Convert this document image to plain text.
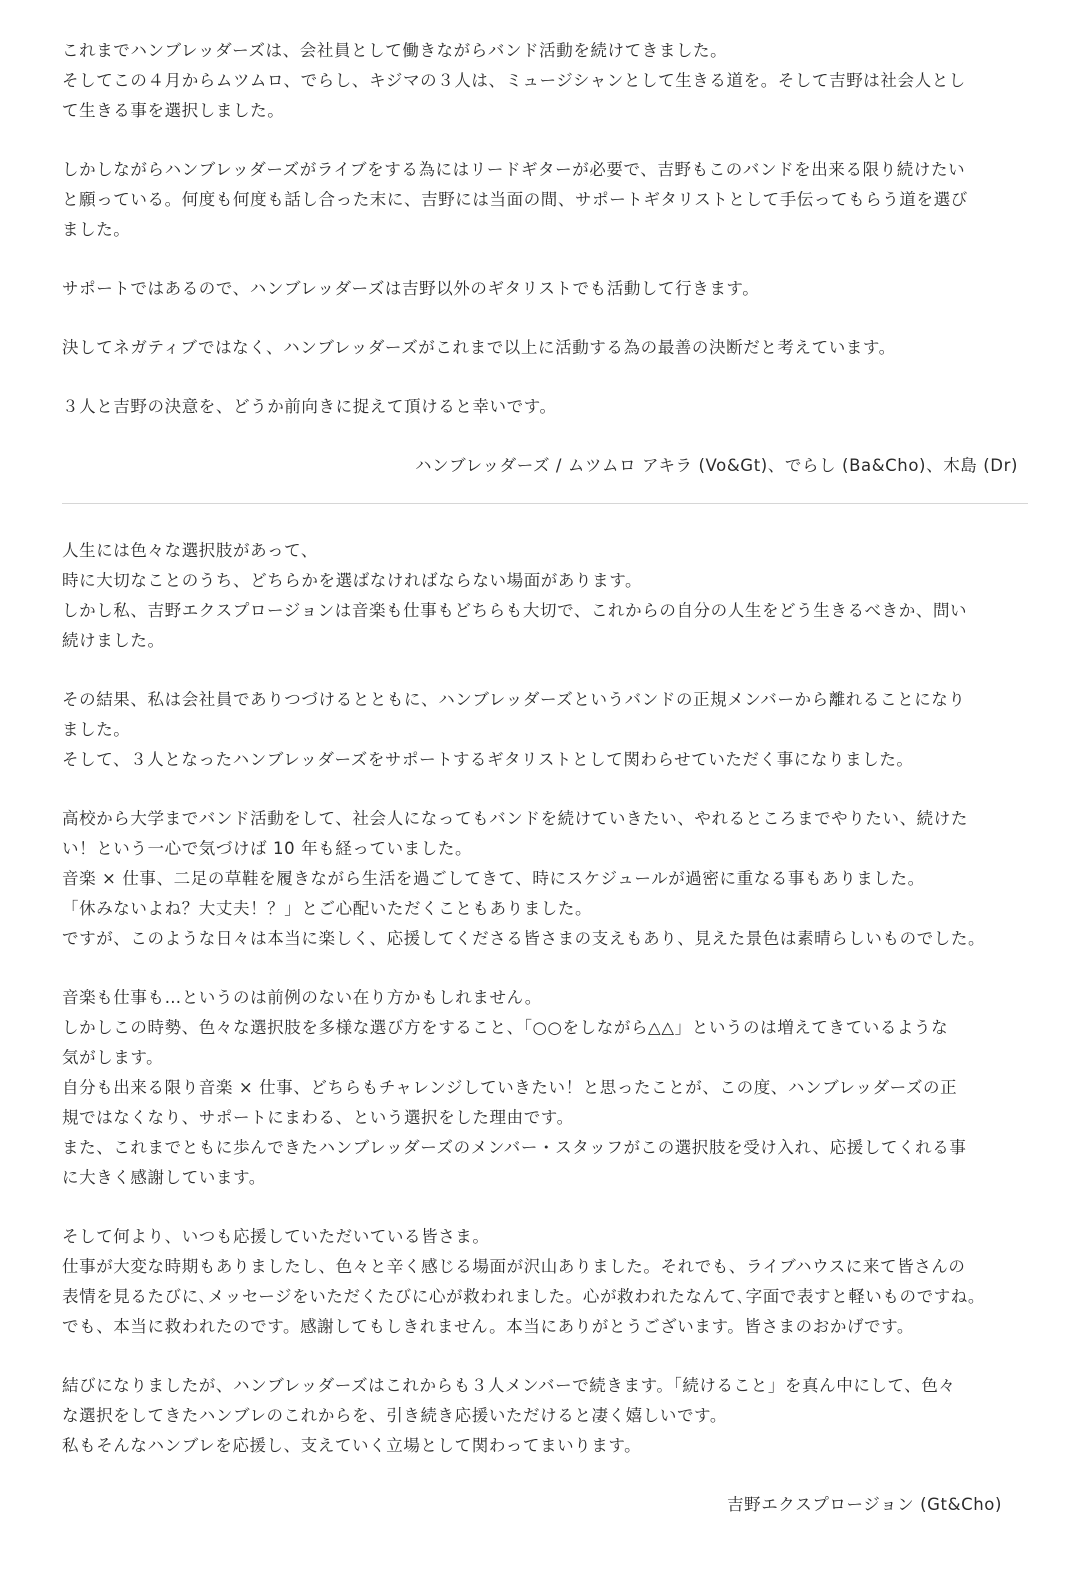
これまでハンブレッダーズは、会社員として働きながらバンド活動を続けてきました。
そしてこの４月からムツムロ、でらし、キジマの３人は、ミュージシャンとして生きる道を。そして吉野は社会人とし
て生きる事を選択しました。
しかしながらハンブレッダーズがライブをする為にはリードギターが必要で、吉野もこのバンドを出来る限り続けたい
と願っている。何度も何度も話し合った末に、吉野には当面の間、サポートギタリストとして手伝ってもらう道を選び
ました。
サポートではあるので、ハンブレッダーズは吉野以外のギタリストでも活動して行きます。
決してネガティブではなく、ハンブレッダーズがこれまで以上に活動する為の最善の決断だと考えています。
３人と吉野の決意を、どうか前向きに捉えて頂けると幸いです。
ハンブレッダーズ / ムツムロ アキラ (Vo&Gt)、でらし (Ba&Cho)、木島 (Dr)
人生には色々な選択肢があって、
時に大切なことのうち、どちらかを選ばなければならない場面があります。
しかし私、吉野エクスプロージョンは音楽も仕事もどちらも大切で、これからの自分の人生をどう生きるべきか、問い
続けました。
その結果、私は会社員でありつづけるとともに、ハンブレッダーズというバンドの正規メンバーから離れることになり
ました。
そして、３人となったハンブレッダーズをサポートするギタリストとして関わらせていただく事になりました。
高校から大学までバンド活動をして、社会人になってもバンドを続けていきたい、やれるところまでやりたい、続けた
い！という一心で気づけば 10 年も経っていました。
音楽 × 仕事、二足の草鞋を履きながら生活を過ごしてきて、時にスケジュールが過密に重なる事もありました。
「休みないよね？大丈夫！？」とご心配いただくこともありました。
ですが、このような日々は本当に楽しく、応援してくださる皆さまの支えもあり、見えた景色は素晴らしいものでした。
音楽も仕事も…というのは前例のない在り方かもしれません。
しかしこの時勢、色々な選択肢を多様な選び方をすること、「○○をしながら△△」というのは増えてきているような
気がします。
自分も出来る限り音楽 × 仕事、どちらもチャレンジしていきたい！と思ったことが、この度、ハンブレッダーズの正
規ではなくなり、サポートにまわる、という選択をした理由です。
また、これまでともに歩んできたハンブレッダーズのメンバー・スタッフがこの選択肢を受け入れ、応援してくれる事
に大きく感謝しています。
そして何より、いつも応援していただいている皆さま。
仕事が大変な時期もありましたし、色々と辛く感じる場面が沢山ありました。それでも、ライブハウスに来て皆さんの
表情を見るたびに､メッセージをいただくたびに心が救われました。心が救われたなんて､字面で表すと軽いものですね。
でも、本当に救われたのです。感謝してもしきれません。本当にありがとうございます。皆さまのおかげです。
結びになりましたが、ハンブレッダーズはこれからも３人メンバーで続きます。「続けること」を真ん中にして、色々
な選択をしてきたハンブレのこれからを、引き続き応援いただけると凄く嬉しいです。
私もそんなハンブレを応援し、支えていく立場として関わってまいります。
吉野エクスプロージョン (Gt&Cho)
